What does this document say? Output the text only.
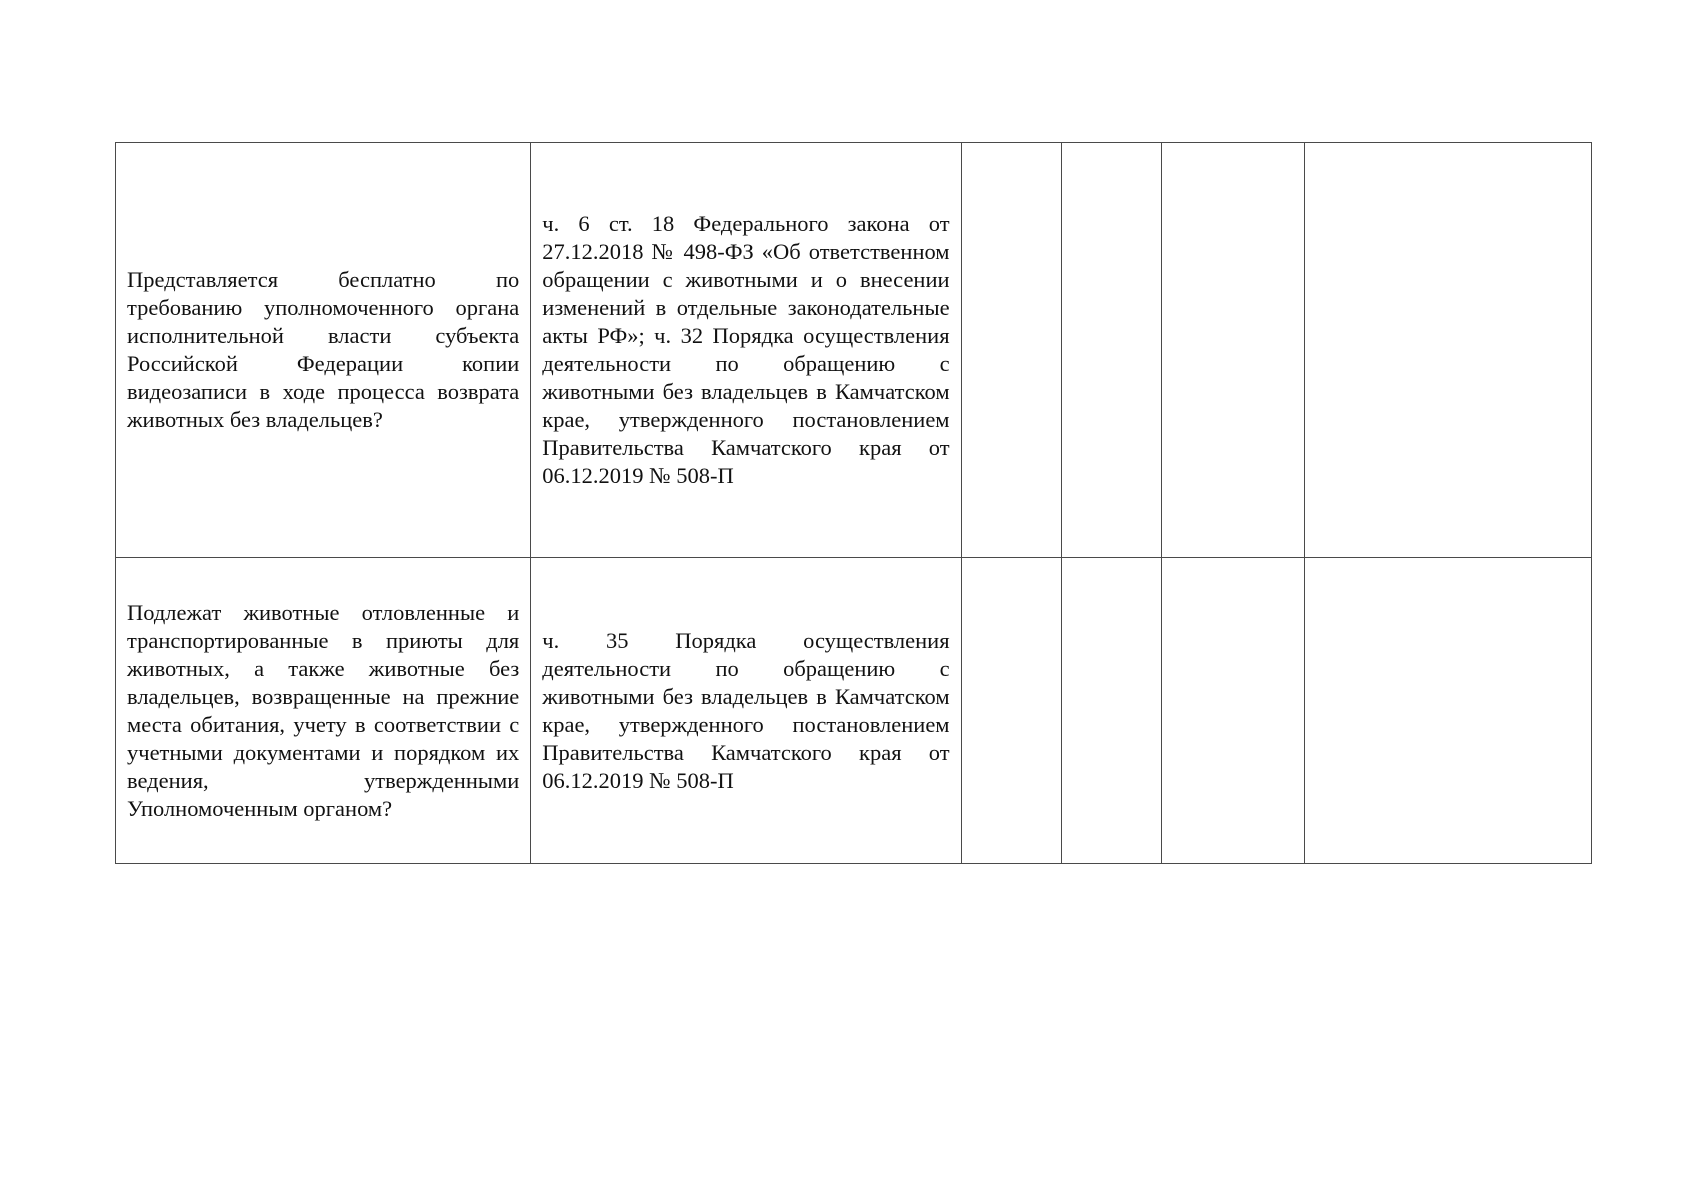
Представляется бесплатно по требованию уполномоченного органа исполнительной власти субъекта Российской Федерации копии видеозаписи в ходе процесса возврата животных без владельцев?	ч. 6 ст. 18 Федерального закона от 27.12.2018 № 498-ФЗ «Об ответственном обращении с животными и о внесении изменений в отдельные законодательные акты РФ»; ч. 32 Порядка осуществления деятельности по обращению с животными без владельцев в Камчатском крае, утвержденного постановлением Правительства Камчатского края от 06.12.2019 № 508-П				

Подлежат животные отловленные и транспортированные в приюты для животных, а также животные без владельцев, возвращенные на прежние места обитания, учету в соответствии с учетными документами и порядком их ведения, утвержденными Уполномоченным органом?	ч. 35 Порядка осуществления деятельности по обращению с животными без владельцев в Камчатском крае, утвержденного постановлением Правительства Камчатского края от 06.12.2019 № 508-П				
